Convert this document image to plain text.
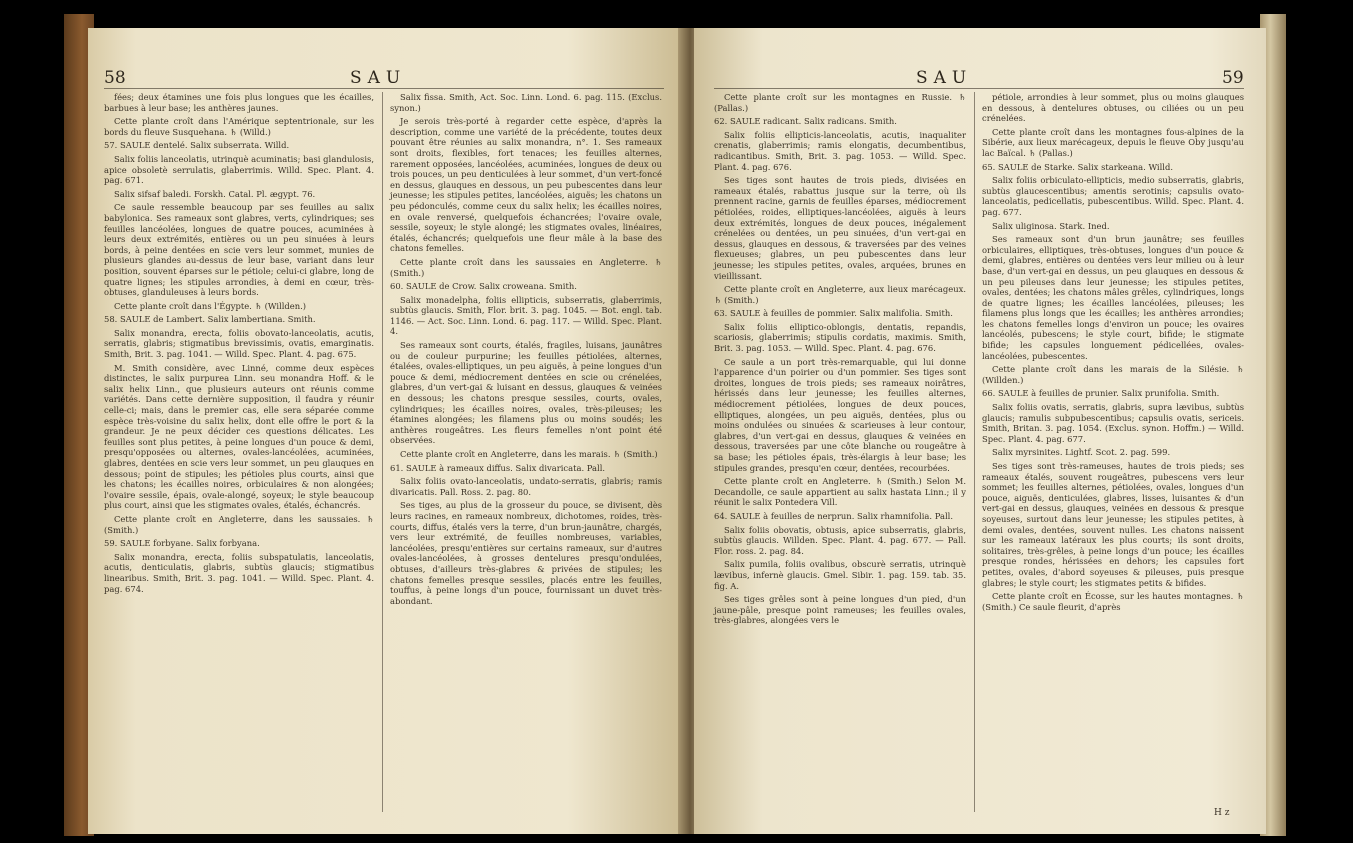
58	SAU

fées; deux étamines une fois plus longues que les écailles, barbues à leur base; les anthères jaunes.

Cette plante croît dans l'Amérique septentrionale, sur les bords du fleuve Susquehana. ♄ (Willd.)

57. SAULE dentelé. Salix subserrata. Willd.

Salix foliis lanceolatis, utrinquè acuminatis; basi glandulosis, apice obsoletè serrulatis, glaberrimis. Willd. Spec. Plant. 4. pag. 671.

Salix sifsaf baledi. Forskh. Catal. Pl. ægypt. 76.

Ce saule ressemble beaucoup par ses feuilles au salix babylonica. Ses rameaux sont glabres, verts, cylindriques; ses feuilles lancéolées, longues de quatre pouces, acuminées à leurs deux extrémités, entières ou un peu sinuées à leurs bords, à peine dentées en scie vers leur sommet, munies de plusieurs glandes au-dessus de leur base, variant dans leur position, souvent éparses sur le pétiole; celui-ci glabre, long de quatre lignes; les stipules arrondies, à demi en cœur, très-obtuses, glanduleuses à leurs bords.

Cette plante croît dans l'Égypte. ♄ (Willden.)

58. SAULE de Lambert. Salix lambertiana. Smith.

Salix monandra, erecta, foliis obovato-lanceolatis, acutis, serratis, glabris; stigmatibus brevissimis, ovatis, emarginatis. Smith, Brit. 3. pag. 1041. — Willd. Spec. Plant. 4. pag. 675.

M. Smith considère, avec Linné, comme deux espèces distinctes, le salix purpurea Linn. seu monandra Hoff. & le salix helix Linn., que plusieurs auteurs ont réunis comme variétés. Dans cette dernière supposition, il faudra y réunir celle-ci; mais, dans le premier cas, elle sera séparée comme espèce très-voisine du salix helix, dont elle offre le port & la grandeur. Je ne peux décider ces questions délicates. Les feuilles sont plus petites, à peine longues d'un pouce & demi, presqu'opposées ou alternes, ovales-lancéolées, acuminées, glabres, dentées en scie vers leur sommet, un peu glauques en dessous; point de stipules; les pétioles plus courts, ainsi que les chatons; les écailles noires, orbiculaires & non alongées; l'ovaire sessile, épais, ovale-alongé, soyeux; le style beaucoup plus court, ainsi que les stigmates ovales, étalés, échancrés.

Cette plante croît en Angleterre, dans les saussaies. ♄ (Smith.)

59. SAULE forbyane. Salix forbyana.

Salix monandra, erecta, foliis subspatulatis, lanceolatis, acutis, denticulatis, glabris, subtùs glaucis; stigmatibus linearibus. Smith, Brit. 3. pag. 1041. — Willd. Spec. Plant. 4. pag. 674.

Salix fissa. Smith, Act. Soc. Linn. Lond. 6. pag. 115. (Exclus. synon.)

Je serois très-porté à regarder cette espèce, d'après la description, comme une variété de la précédente, toutes deux pouvant être réunies au salix monandra, n°. 1. Ses rameaux sont droits, flexibles, fort tenaces; les feuilles alternes, rarement opposées, lancéolées, acuminées, longues de deux ou trois pouces, un peu denticulées à leur sommet, d'un vert-foncé en dessus, glauques en dessous, un peu pubescentes dans leur jeunesse; les stipules petites, lancéolées, aiguës; les chatons un peu pédonculés, comme ceux du salix helix; les écailles noires, en ovale renversé, quelquefois échancrées; l'ovaire ovale, sessile, soyeux; le style alongé; les stigmates ovales, linéaires, étalés, échancrés; quelquefois une fleur mâle à la base des chatons femelles.

Cette plante croît dans les saussaies en Angleterre. ♄ (Smith.)

60. SAULE de Crow. Salix croweana. Smith.

Salix monadelpha, foliis ellipticis, subserratis, glaberrimis, subtùs glaucis. Smith, Flor. brit. 3. pag. 1045. — Bot. engl. tab. 1146. — Act. Soc. Linn. Lond. 6. pag. 117. — Willd. Spec. Plant. 4.

Ses rameaux sont courts, étalés, fragiles, luisans, jaunâtres ou de couleur purpurine; les feuilles pétiolées, alternes, étalées, ovales-elliptiques, un peu aiguës, à peine longues d'un pouce & demi, médiocrement dentées en scie ou crénelées, glabres, d'un vert-gai & luisant en dessus, glauques & veinées en dessous; les chatons presque sessiles, courts, ovales, cylindriques; les écailles noires, ovales, très-pileuses; les étamines alongées; les filamens plus ou moins soudés; les anthères rougeâtres. Les fleurs femelles n'ont point été observées.

Cette plante croît en Angleterre, dans les marais. ♄ (Smith.)

61. SAULE à rameaux diffus. Salix divaricata. Pall.

Salix foliis ovato-lanceolatis, undato-serratis, glabris; ramis divaricatis. Pall. Ross. 2. pag. 80.

Ses tiges, au plus de la grosseur du pouce, se divisent, dès leurs racines, en rameaux nombreux, dichotomes, roides, très-courts, diffus, étalés vers la terre, d'un brun-jaunâtre, chargés, vers leur extrémité, de feuilles nombreuses, variables, lancéolées, presqu'entières sur certains rameaux, sur d'autres ovales-lancéolées, à grosses dentelures presqu'ondulées, obtuses, d'ailleurs très-glabres & privées de stipules; les chatons femelles presque sessiles, placés entre les feuilles, touffus, à peine longs d'un pouce, fournissant un duvet très-abondant.

SAU	59

Cette plante croît sur les montagnes en Russie. ♄ (Pallas.)

62. SAULE radicant. Salix radicans. Smith.

Salix foliis ellipticis-lanceolatis, acutis, inaqualiter crenatis, glaberrimis; ramis elongatis, decumbentibus, radicantibus. Smith, Brit. 3. pag. 1053. — Willd. Spec. Plant. 4. pag. 676.

Ses tiges sont hautes de trois pieds, divisées en rameaux étalés, rabattus jusque sur la terre, où ils prennent racine, garnis de feuilles éparses, médiocrement pétiolées, roides, elliptiques-lancéolées, aiguës à leurs deux extrémités, longues de deux pouces, inégalement crénelées ou dentées, un peu sinuées, d'un vert-gai en dessus, glauques en dessous, & traversées par des veines flexueuses; glabres, un peu pubescentes dans leur jeunesse; les stipules petites, ovales, arquées, brunes en vieillissant.

Cette plante croît en Angleterre, aux lieux marécageux. ♄ (Smith.)

63. SAULE à feuilles de pommier. Salix malifolia. Smith.

Salix foliis elliptico-oblongis, dentatis, repandis, scariosis, glaberrimis; stipulis cordatis, maximis. Smith, Brit. 3. pag. 1053. — Willd. Spec. Plant. 4. pag. 676.

Ce saule a un port très-remarquable, qui lui donne l'apparence d'un poirier ou d'un pommier. Ses tiges sont droites, longues de trois pieds; ses rameaux noirâtres, hérissés dans leur jeunesse; les feuilles alternes, médiocrement pétiolées, longues de deux pouces, elliptiques, alongées, un peu aiguës, dentées, plus ou moins ondulées ou sinuées & scarieuses à leur contour, glabres, d'un vert-gai en dessus, glauques & veinées en dessous, traversées par une côte blanche ou rougeâtre à sa base; les pétioles épais, très-élargis à leur base; les stipules grandes, presqu'en cœur, dentées, recourbées.

Cette plante croît en Angleterre. ♄ (Smith.) Selon M. Decandolle, ce saule appartient au salix hastata Linn.; il y réunit le salix Pontedera Vill.

64. SAULE à feuilles de nerprun. Salix rhamnifolia. Pall.

Salix foliis obovatis, obtusis, apice subserratis, glabris, subtùs glaucis. Willden. Spec. Plant. 4. pag. 677. — Pall. Flor. ross. 2. pag. 84.

Salix pumila, foliis ovalibus, obscurè serratis, utrinquè lævibus, infernè glaucis. Gmel. Sibir. 1. pag. 159. tab. 35. fig. A.

Ses tiges grêles sont à peine longues d'un pied, d'un jaune-pâle, presque point rameuses; les feuilles ovales, très-glabres, alongées vers le

pétiole, arrondies à leur sommet, plus ou moins glauques en dessous, à dentelures obtuses, ou ciliées ou un peu crénelées.

Cette plante croît dans les montagnes fous-alpines de la Sibérie, aux lieux marécageux, depuis le fleuve Oby jusqu'au lac Baïcal. ♄ (Pallas.)

65. SAULE de Starke. Salix starkeana. Willd.

Salix foliis orbiculato-ellipticis, medio subserratis, glabris, subtùs glaucescentibus; amentis serotinis; capsulis ovato-lanceolatis, pedicellatis, pubescentibus. Willd. Spec. Plant. 4. pag. 677.

Salix uliginosa. Stark. Ined.

Ses rameaux sont d'un brun jaunâtre; ses feuilles orbiculaires, elliptiques, très-obtuses, longues d'un pouce & demi, glabres, entières ou dentées vers leur milieu ou à leur base, d'un vert-gai en dessus, un peu glauques en dessous & un peu pileuses dans leur jeunesse; les stipules petites, ovales, dentées; les chatons mâles grêles, cylindriques, longs de quatre lignes; les écailles lancéolées, pileuses; les filamens plus longs que les écailles; les anthères arrondies; les chatons femelles longs d'environ un pouce; les ovaires lancéolés, pubescens; le style court, bifide; le stigmate bifide; les capsules longuement pédicellées, ovales-lancéolées, pubescentes.

Cette plante croît dans les marais de la Silésie. ♄ (Willden.)

66. SAULE à feuilles de prunier. Salix prunifolia. Smith.

Salix foliis ovatis, serratis, glabris, supra lævibus, subtùs glaucis; ramulis subpubescentibus; capsulis ovatis, sericeis. Smith, Britan. 3. pag. 1054. (Exclus. synon. Hoffm.) — Willd. Spec. Plant. 4. pag. 677.

Salix myrsinites. Lightf. Scot. 2. pag. 599.

Ses tiges sont très-rameuses, hautes de trois pieds; ses rameaux étalés, souvent rougeâtres, pubescens vers leur sommet; les feuilles alternes, pétiolées, ovales, longues d'un pouce, aiguës, denticulées, glabres, lisses, luisantes & d'un vert-gai en dessus, glauques, veinées en dessous & presque soyeuses, surtout dans leur jeunesse; les stipules petites, à demi ovales, dentées, souvent nulles. Les chatons naissent sur les rameaux latéraux les plus courts; ils sont droits, solitaires, très-grêles, à peine longs d'un pouce; les écailles presque rondes, hérissées en dehors; les capsules fort petites, ovales, d'abord soyeuses & pileuses, puis presque glabres; le style court; les stigmates petits & bifides.

Cette plante croît en Écosse, sur les hautes montagnes. ♄ (Smith.) Ce saule fleurit, d'après

H z
